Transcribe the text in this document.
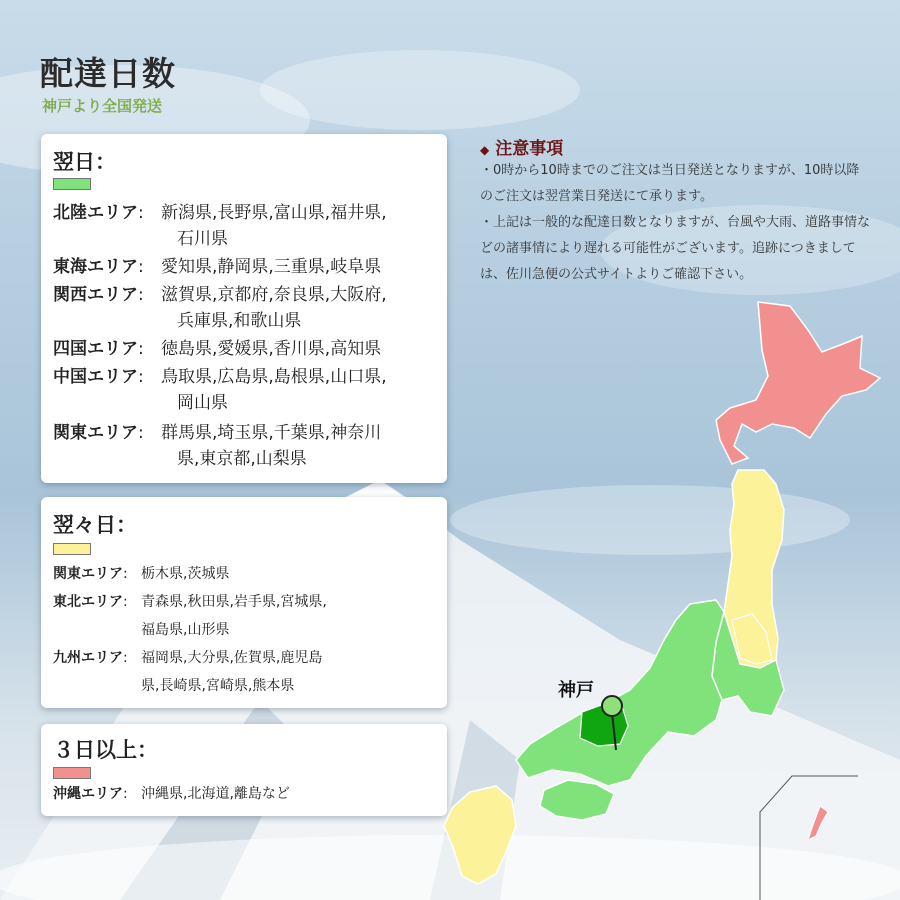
配達日数
神戸より全国発送
翌日：
北陸エリア: 新潟県,長野県,富山県,福井県,
石川県
東海エリア: 愛知県,静岡県,三重県,岐阜県
関西エリア: 滋賀県,京都府,奈良県,大阪府,
兵庫県,和歌山県
四国エリア: 徳島県,愛媛県,香川県,高知県
中国エリア: 鳥取県,広島県,島根県,山口県,
岡山県
関東エリア: 群馬県,埼玉県,千葉県,神奈川
県,東京都,山梨県
翌々日：
関東エリア: 栃木県,茨城県
東北エリア: 青森県,秋田県,岩手県,宮城県,
福島県,山形県
九州エリア: 福岡県,大分県,佐賀県,鹿児島
県,長崎県,宮崎県,熊本県
３日以上：
沖縄エリア: 沖縄県,北海道,離島など
◆ 注意事項
・0時から10時までのご注文は当日発送となりますが、10時以降のご注文は翌営業日発送にて承ります。
・上記は一般的な配達日数となりますが、台風や大雨、道路事情などの諸事情により遅れる可能性がございます。追跡につきましては、佐川急便の公式サイトよりご確認下さい。
神戸
